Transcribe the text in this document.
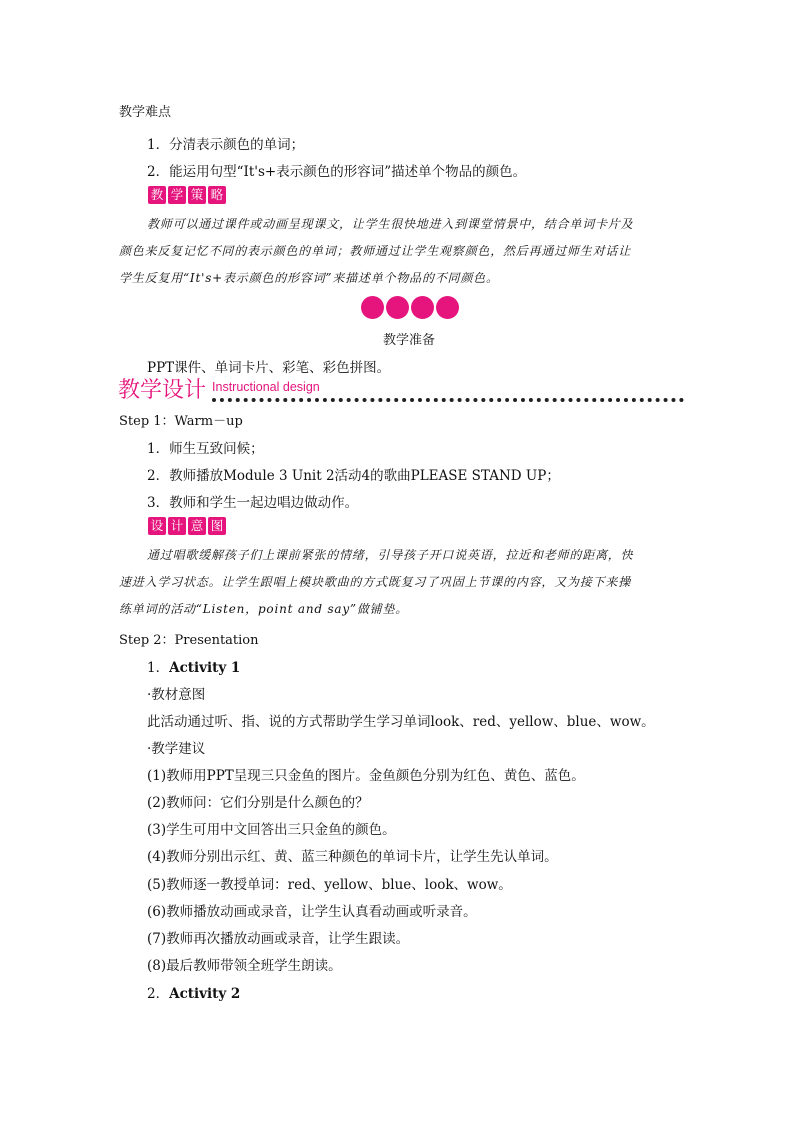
教学难点
1．分清表示颜色的单词；
2．能运用句型“It's+表示颜色的形容词”描述单个物品的颜色。
教 学 策 略
教师可以通过课件或动画呈现课文，让学生很快地进入到课堂情景中，结合单词卡片及
颜色来反复记忆不同的表示颜色的单词；教师通过让学生观察颜色，然后再通过师生对话让
学生反复用“It's+表示颜色的形容词”来描述单个物品的不同颜色。
教学准备
PPT课件、单词卡片、彩笔、彩色拼图。
教学设计 Instructional design
Step 1：Warm－up
1．师生互致问候；
2．教师播放Module 3 Unit 2活动4的歌曲PLEASE STAND UP；
3．教师和学生一起边唱边做动作。
设 计 意 图
通过唱歌缓解孩子们上课前紧张的情绪，引导孩子开口说英语，拉近和老师的距离，快
速进入学习状态。让学生跟唱上模块歌曲的方式既复习了巩固上节课的内容，又为接下来操
练单词的活动“Listen，point and say”做铺垫。
Step 2：Presentation
1．Activity 1
·教材意图
此活动通过听、指、说的方式帮助学生学习单词look、red、yellow、blue、wow。
·教学建议
(1)教师用PPT呈现三只金鱼的图片。金鱼颜色分别为红色、黄色、蓝色。
(2)教师问：它们分别是什么颜色的？
(3)学生可用中文回答出三只金鱼的颜色。
(4)教师分别出示红、黄、蓝三种颜色的单词卡片，让学生先认单词。
(5)教师逐一教授单词：red、yellow、blue、look、wow。
(6)教师播放动画或录音，让学生认真看动画或听录音。
(7)教师再次播放动画或录音，让学生跟读。
(8)最后教师带领全班学生朗读。
2．Activity 2
